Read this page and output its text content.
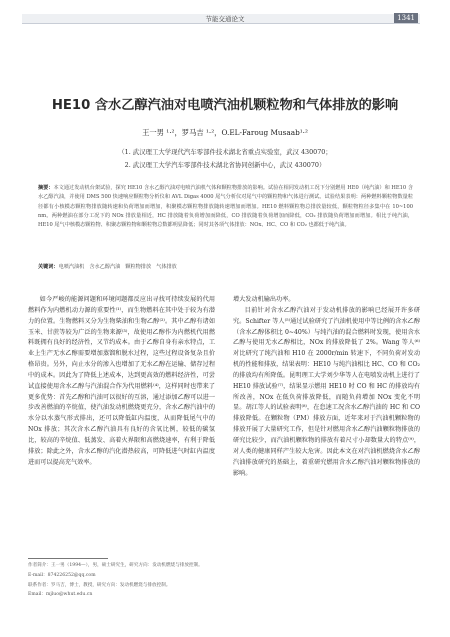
节能交通论文	1341
HE10 含水乙醇汽油对电喷汽油机颗粒物和气体排放的影响
王一男 ¹·²，罗马吉 ¹·²，O.EL-Faroug Musaab¹·²
（1. 武汉理工大学现代汽车零部件技术湖北省重点实验室，武汉 430070；
2. 武汉理工大学汽车零部件技术湖北省协同创新中心，武汉 430070）
摘要：本文通过发动机台架试验，探究 HE10 含水乙醇汽油对电喷汽油机气体和颗粒物排放的影响。试验在相同发动机工况下分别燃用 HE0（纯汽油）和 HE10 含水乙醇汽油，并使用 DMS 500 快速响应颗粒物分析仪和 AVL Digas 4000 尾气分析仪对尾气中的颗粒物和气体进行测试。试验结果表明：两种燃料颗粒物数量粒径都有小核模态颗粒物排放随转速和负荷增加而增加，积聚模态颗粒物排放随转速增加而增加。HE10 燃料颗粒物总排放量较低，颗粒物粒径多集中在 10~100 nm。两种燃油在部分工况下的 NOx 排放量相近，HC 排放随着负荷增加而降低，CO 排放随着负荷增加而降低，CO₂ 排放随负荷增加而增加。相比于纯汽油，HE10 尾气中核模态颗粒物、积聚态颗粒物和颗粒物总数都明显降低；同时其各项气体排放：NOx、HC、CO 和 CO₂ 也都低于纯汽油。
关键词：电喷汽油机　含水乙醇汽油　颗粒物排放　气体排放

如今严峻的能源问题和环境问题都反应出寻找可持续发展的代用燃料作为内燃机动力源的重要性⁽¹⁾，而生物燃料在其中处于较为有潜力的位置。生物燃料又分为生物柴油和生物乙醇⁽²⁾。其中乙醇有诸如玉米、甘蔗等较为广泛的生物来源⁽³⁾，故使用乙醇作为内燃机代用燃料既拥有良好的经济性，又节约成本。由于乙醇自身有亲水特点，工业上生产无水乙醇需要增加蒸馏和脱水过程，这些过程设备复杂且价格昂贵。另外，向止水分的渗入也增加了无水乙醇在运输、储存过程中的成本。因此为了降低上述成本，达到更高效的燃料经济性，可尝试直接使用含水乙醇与汽油混合作为代用燃料⁽⁴⁾，这样同时也带来了更多优势：首先乙醇和汽油可以很好的互溶，通过添加乙醇可以进一步改善燃油的辛烷值，使汽油发动机燃烧更充分，含水乙醇汽油中的水分以水蒸气形式排出，还可以降低缸内温度，从而降低尾气中的 NOx 排放；其次含水乙醇汽油具有良好的含氧比例，较低的碳氢比，较高的辛烷值、低蒸发、高着火界限和高燃烧速率，有利于降低排放；除此之外，含水乙醇的汽化潜热较高，可降低进气时缸内温度进而可以提高充气效率。

增大发动机输出功率。

目前针对含水乙醇汽油对于发动机排放的影响已经展开许多研究。Schifter 等人⁽⁵⁾通过试验研究了汽油机使用中等比例的含水乙醇（含水乙醇体积比 0~40%）与纯汽油的混合燃料时发现，使用含水乙醇与使用无水乙醇相比，NOx 的排放降低了 2%。Wang 等人⁽⁶⁾对比研究了纯汽油和 H10 在 2000r/min 转速下，不同负荷对发动机的性能和排放，结果表明：HE10 与纯汽油相比 HC、CO 和 CO₂ 的排放均有所降低。昆明理工大学刘少华等人在电喷发动机上进行了 HE10 排放试验⁽⁷⁾，结果显示燃用 HE10 时 CO 和 HC 的排放均有所改善，NOx 在低负荷排放降低，而随负荷增加 NOx 变化不明显。胡江等人的试验表明⁽⁸⁾，在怠速工况含水乙醇汽油的 HC 和 CO 排放降低。在颗粒物（PM）排放方面，近年来对于汽油机颗粒物的排放开展了大量研究工作，但是针对燃用含水乙醇汽油颗粒物排放的研究比较少，而汽油机颗粒物的排放有着尺寸小却数量大的特点⁽⁹⁾，对人类的健康同样产生较大危害。因此本文在对汽油机燃烧含水乙醇汽油排放研究的基础上，着重研究燃用含水乙醇汽油对颗粒物排放的影响。

作者简介：王一男（1994—），男，硕士研究生，研究方向：发动机燃烧与排放控制。
E-mail：874226252@qq.com
联系作者：罗马吉，博士，教授，研究方向：发动机燃烧与排放控制。
Email：mjluo@whut.edu.cn
